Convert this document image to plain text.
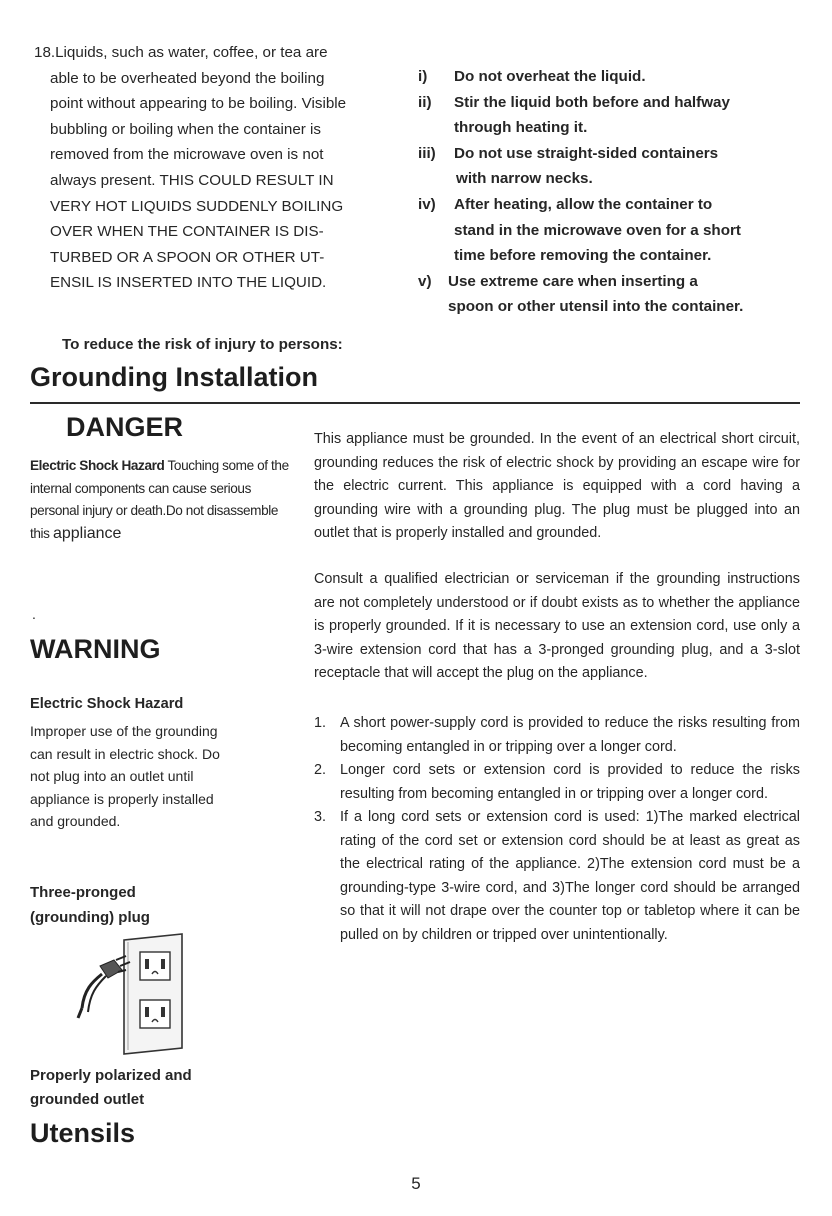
18.Liquids, such as water, coffee, or tea are

able to be overheated beyond the boiling
point without appearing to be boiling. Visible
bubbling or boiling when the container is
removed from the microwave oven is not
always present. THIS COULD RESULT IN
VERY HOT LIQUIDS SUDDENLY BOILING
OVER WHEN THE CONTAINER IS DIS-
TURBED OR A SPOON OR OTHER UT-
ENSIL IS INSERTED INTO THE LIQUID.

i) Do not overheat the liquid.
ii) Stir the liquid both before and halfway
through heating it.
iii) Do not use straight-sided containers
with narrow necks.
iv) After heating, allow the container to
stand in the microwave oven for a short
time before removing the container.
v) Use extreme care when inserting a
spoon or other utensil into the container.
To reduce the risk of injury to persons:
Grounding Installation
DANGER
Electric Shock Hazard Touching some of the internal components can cause serious personal injury or death.Do not disassemble this appliance
.
WARNING
Electric Shock Hazard
Improper use of the grounding
can result in electric shock. Do
not plug into an outlet until
appliance is properly installed
and grounded.
Three-pronged
(grounding) plug
Properly polarized and
grounded outlet
Utensils

This appliance must be grounded. In the event of an electrical short circuit, grounding reduces the risk of electric shock by providing an escape wire for the electric current. This appliance is equipped with a cord having a grounding wire with a grounding plug. The plug must be plugged into an outlet that is properly installed and grounded.

Consult a qualified electrician or serviceman if the grounding instructions are not completely understood or if doubt exists as to whether the appliance is properly grounded. If it is necessary to use an extension cord, use only a 3-wire extension cord that has a 3-pronged grounding plug, and a 3-slot receptacle that will accept the plug on the appliance.

1. A short power-supply cord is provided to reduce the risks resulting from becoming entangled in or tripping over a longer cord.
2. Longer cord sets or extension cord is provided to reduce the risks resulting from becoming entangled in or tripping over a longer cord.
3. If a long cord sets or extension cord is used: 1)The marked electrical rating of the cord set or extension cord should be at least as great as the electrical rating of the appliance. 2)The extension cord must be a grounding-type 3-wire cord, and 3)The longer cord should be arranged so that it will not drape over the counter top or tabletop where it can be pulled on by children or tripped over unintentionally.
5
